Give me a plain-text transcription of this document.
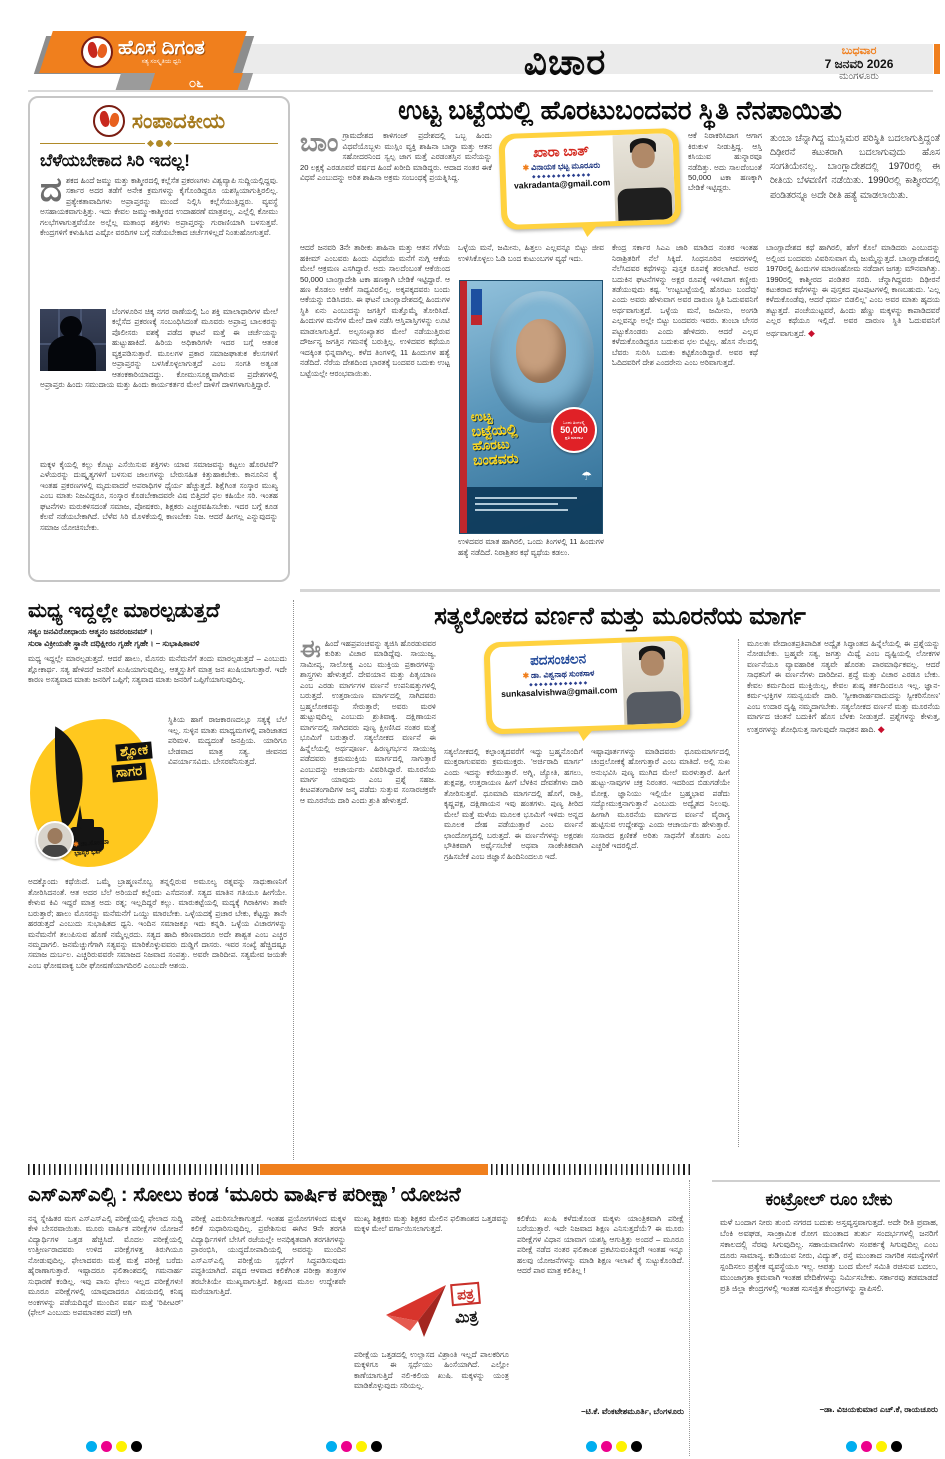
ವಿಚಾರ	ಬುಧವಾರ
7 ಜನವರಿ 2026
ಮಂಗಳೂರು
ಹೊಸ ದಿಗಂತ
ಸತ್ಯ ಸಂಸ್ಕೃತಿಯ ಧ್ವನಿ
೦೬
ಸಂಪಾದಕೀಯ
ಬೆಳೆಯಬೇಕಾದ ಸಿರಿ ಇದಲ್ಲ!
ದಶಕದ ಹಿಂದೆ ಜಮ್ಮು ಮತ್ತು ಕಾಶ್ಮೀರದಲ್ಲಿ ಕಲ್ಲೆಸೆತ ಪ್ರಕರಣಗಳು ವಿಶ್ವವ್ಯಾಪಿ ಸುದ್ದಿಯಲ್ಲಿದ್ದವು. ಸರ್ಕಾರ ಅದರ ತಡೆಗೆ ಅನೇಕ ಕ್ರಮಗಳನ್ನು ಕೈಗೊಂಡಿದ್ದರೂ ಯಶಸ್ವಿಯಾಗುತ್ತಿರಲಿಲ್ಲ. ಪ್ರತ್ಯೇಕತಾವಾದಿಗಳು ಅಪ್ರಾಪ್ತರನ್ನು ಮುಂದೆ ನಿಲ್ಲಿಸಿ ಕಲ್ಲೆಸೆಯುತ್ತಿದ್ದರು. ವ್ಯವಸ್ಥೆ ಅಸಹಾಯಕವಾಗುತ್ತಿತ್ತು. ಇದು ಕೇವಲ ಜಮ್ಮು-ಕಾಶ್ಮೀರದ ಉದಾಹರಣೆ ಮಾತ್ರವಲ್ಲ. ಎಲ್ಲೆಲ್ಲಿ ಕೋಮು ಗಲಭೆಗಳಾಗುತ್ತವೆಯೋ ಅಲ್ಲೆಲ್ಲ ಮತಾಂಧ ಶಕ್ತಿಗಳು ಅಪ್ರಾಪ್ತರನ್ನು ಗುರಾಣಿಯಾಗಿ ಬಳಸುತ್ತವೆ. ಕೇಂದ್ರಗಳಿಗೆ ಕಳುಹಿಸಿದ ಎಷ್ಟೋ ವರದಿಗಳ ಬಗ್ಗೆ ನಡೆಯಬೇಕಾದ ಚರ್ಚೆಗಳಿಲ್ಲದೆ ನಿಂತುಹೋಗುತ್ತವೆ.
ಬೆಂಗಳೂರಿನ ಚಿಕ್ಕ ನಗರ ಠಾಣೆಯಲ್ಲಿ ಓಂ ಶಕ್ತಿ ಮಾಲಾಧಾರಿಗಳ ಮೇಲೆ ಕಲ್ಲೆಸೆದ ಪ್ರಕರಣಕ್ಕೆ ಸಂಬಂಧಿಸಿದಂತೆ ಮೂವರು ಅಪ್ರಾಪ್ತ ಬಾಲಕರನ್ನು ಪೊಲೀಸರು ವಶಕ್ಕೆ ಪಡೆದ ಘಟನೆ ಮತ್ತೆ ಈ ಚರ್ಚೆಯನ್ನು ಹುಟ್ಟುಹಾಕಿದೆ. ಹಿರಿಯ ಅಧಿಕಾರಿಗಳೇ ಇದರ ಬಗ್ಗೆ ಆತಂಕ ವ್ಯಕ್ತಪಡಿಸುತ್ತಾರೆ. ಮೂಲಗಳ ಪ್ರಕಾರ ಸಮಾಜಘಾತುಕ ಕೆಲಸಗಳಿಗೆ ಅಪ್ರಾಪ್ತರನ್ನು ಬಳಸಿಕೊಳ್ಳಲಾಗುತ್ತದೆ ಎಂಬ ಸಂಗತಿ ಅತ್ಯಂತ ಆತಂಕಕಾರಿಯಾದದ್ದು. ಕೋಮುಸೂಕ್ಷ್ಮವಾಗಿರುವ ಪ್ರದೇಶಗಳಲ್ಲಿ ಅಪ್ರಾಪ್ತರು ಹಿಂದು ಸಮುದಾಯ ಮತ್ತು ಹಿಂದು ಕಾರ್ಯಕರ್ತರ ಮೇಲೆ ದಾಳಿಗೆ ದಾಳಗಳಾಗುತ್ತಿದ್ದಾರೆ.
ಮಕ್ಕಳ ಕೈಯಲ್ಲಿ ಕಲ್ಲು ಕೊಟ್ಟು ಎಸೆಯಿಸುವ ಶಕ್ತಿಗಳು ಯಾವ ಸಮಾಜವನ್ನು ಕಟ್ಟಲು ಹೊರಟಿವೆ? ಎಳೆಯರನ್ನು ದುಷ್ಕೃತ್ಯಗಳಿಗೆ ಬಳಸುವ ಜಾಲಗಳನ್ನು ಬೇರುಸಹಿತ ಕಿತ್ತುಹಾಕಬೇಕು. ಕಾನೂನಿನ ಕೈ ಇಂತಹ ಪ್ರಕರಣಗಳಲ್ಲಿ ಮೃದುವಾದರೆ ಅಪರಾಧಿಗಳ ಧೈರ್ಯ ಹೆಚ್ಚುತ್ತದೆ. ಶಿಕ್ಷೆಗಿಂತ ಸಂಸ್ಕಾರ ಮುಖ್ಯ ಎಂಬ ಮಾತು ನಿಜವಿದ್ದರೂ, ಸಂಸ್ಕಾರ ಕೊಡಬೇಕಾದವರೇ ವಿಷ ಬಿತ್ತಿದರೆ ಫಲ ಕಹಿಯೇ ಸರಿ. ಇಂತಹ ಘಟನೆಗಳು ಮರುಕಳಿಸದಂತೆ ಸಮಾಜ, ಪೋಷಕರು, ಶಿಕ್ಷಕರು ಎಚ್ಚರವಹಿಸಬೇಕು. ಇದರ ಬಗ್ಗೆ ಕೂಡ ಕೆಲವೆ ನಡೆಯಬೇಕಾಗಿದೆ. ಬೆಳೆವ ಸಿರಿ ಮೊಳಕೆಯಲ್ಲಿ ಕಾಣಬೇಕು ನಿಜ. ಆದರೆ ಹೀಗಲ್ಲ ಎನ್ನುವುದನ್ನು ಸಮಾಜ ಯೋಚಿಸಬೇಕು.
ಉಟ್ಟ ಬಟ್ಟೆಯಲ್ಲಿ ಹೊರಟುಬಂದವರ ಸ್ಥಿತಿ ನೆನಪಾಯಿತು
ಬಾಂಗ್ರಾಮದೇಶದ ಕಾಳಿಗಂಜ್ ಪ್ರದೇಶದಲ್ಲಿ ಒಬ್ಬ ಹಿಂದು ವಿಧವೆಯೊಬ್ಬಳು ಮುಸ್ಲಿಂ ವ್ಯಕ್ತಿ ಶಾಹಿನಾ ಬಾಗ್ದಾ ಮತ್ತು ಆತನ ಸಹೋದರನಿಂದ ಸ್ವಲ್ಪ ಜಾಗ ಮತ್ತೆ ಎರಡಂತಸ್ತಿನ ಮನೆಯನ್ನು 20 ಲಕ್ಷಕ್ಕೆ ಎರಡೂವರೆ ವರ್ಷದ ಹಿಂದೆ ಖರೀದಿ ಮಾಡಿದ್ದರು. ಆದಾದ ನಂತರ ಈಕೆ ವಿಧವೆ ಎಂಬುದನ್ನು ಅರಿತ ಶಾಹಿನಾ ಅಕ್ರಮ ಸಂಬಂಧಕ್ಕೆ ಪ್ರಯತ್ನಿಸಿದ್ದ.
ಖಾರಾ ಬಾತ್
✱ ವಿನಾಯಕ ಭಟ್ಟ ಮೂರೂರು
◆◆◆◆◆◆◆◆◆◆◆◆
vakradanta@gmail.com
ಆಕೆ ನಿರಾಕರಿಸಿದಾಗ ಆಗಾಗ ಕಿರುಕುಳ ನೀಡುತ್ತಿದ್ದ. ಆಸ್ತಿ ಕಸಿಯುವ ಹುನ್ನಾರವೂ ನಡೆದಿತ್ತು. ಅದು ಸಾಲದೆಂಬಂತೆ 50,000 ಟಕಾ ಹಣಕ್ಕಾಗಿ ಬೇಡಿಕೆ ಇಟ್ಟಿದ್ದರು.
ತುಂಬಾ ಚೆನ್ನಾಗಿದ್ದ ಮುಸ್ಲಿಮರ ಪರಿಸ್ಥಿತಿ ಬದಲಾಗುತ್ತಿದ್ದಂತೆ ದಿಢೀರನೆ ಕಟುಕರಾಗಿ ಬದಲಾಗುವುದು ಹೊಸ ಸಂಗತಿಯೇನಲ್ಲ. ಬಾಂಗ್ಲಾದೇಶದಲ್ಲಿ 1970ರಲ್ಲಿ ಈ ರೀತಿಯ ಬೆಳವಣಿಗೆ ನಡೆಯಿತು. 1990ರಲ್ಲಿ ಕಾಶ್ಮೀರದಲ್ಲಿ ಪಂಡಿತರನ್ನೂ ಅದೇ ರೀತಿ ಹತ್ಯೆ ಮಾಡಲಾಯಿತು.
ಆದರೆ ಜನವರಿ 3ನೇ ತಾರೀಕು ಶಾಹಿನಾ ಮತ್ತು ಆತನ ಗೆಳೆಯ ಹಕೀಮ್ ಎಂಬವರು ಹಿಂದು ವಿಧವೆಯ ಮನೆಗೆ ನುಗ್ಗಿ ಆಕೆಯ ಮೇಲೆ ಆಕ್ರಮಣ ಎಸಗಿದ್ದಾರೆ. ಅದು ಸಾಲದೆಂಬಂತೆ ಆಕೆಯಿಂದ 50,000 ಬಾಂಗ್ಲಾದೇಶಿ ಟಕಾ ಹಣಕ್ಕಾಗಿ ಬೇಡಿಕೆ ಇಟ್ಟಿದ್ದಾರೆ. ಆ ಹಣ ಕೊಡಲು ಆಕೆಗೆ ಸಾಧ್ಯವಿರಲಿಲ್ಲ. ಅಕ್ಕಪಕ್ಕದವರು ಬಂದು ಆಕೆಯನ್ನು ಬಿಡಿಸಿದರು. ಈ ಘಟನೆ ಬಾಂಗ್ಲಾದೇಶದಲ್ಲಿ ಹಿಂದುಗಳ ಸ್ಥಿತಿ ಏನು ಎಂಬುದನ್ನು ಜಗತ್ತಿಗೆ ಮತ್ತೊಮ್ಮೆ ತೋರಿಸಿದೆ. ಹಿಂದುಗಳ ಮನೆಗಳ ಮೇಲೆ ದಾಳಿ ನಡೆಸಿ ಆಸ್ತಿಪಾಸ್ತಿಗಳನ್ನು ಲೂಟಿ ಮಾಡಲಾಗುತ್ತಿದೆ. ಅಲ್ಪಸಂಖ್ಯಾತರ ಮೇಲೆ ನಡೆಯುತ್ತಿರುವ ದೌರ್ಜನ್ಯ ಜಗತ್ತಿನ ಗಮನಕ್ಕೆ ಬರುತ್ತಿಲ್ಲ. ಉಳಿದವರ ಕಥೆಯೂ ಇದಕ್ಕಿಂತ ಭಿನ್ನವಾಗಿಲ್ಲ. ಕಳೆದ ತಿಂಗಳಲ್ಲಿ 11 ಹಿಂದುಗಳ ಹತ್ಯೆ ನಡೆದಿದೆ. ನೆರೆಯ ದೇಶದಿಂದ ಭಾರತಕ್ಕೆ ಬಂದವರ ಬದುಕು ಉಟ್ಟ ಬಟ್ಟೆಯಲ್ಲೇ ಆರಂಭವಾಯಿತು.
ಒಳ್ಳೆಯ ಮನೆ, ಜಮೀನು, ಹಿತ್ತಲು ಎಲ್ಲವನ್ನೂ ಬಿಟ್ಟು ಜೀವ ಉಳಿಸಿಕೊಳ್ಳಲು ಓಡಿ ಬಂದ ಕುಟುಂಬಗಳ ವ್ಯಥೆ ಇದು.
ಒಂದು ತಿಂಗಳಲ್ಲಿ
50,000
ಪ್ರತಿ ಮಾರಾಟ
ಉಟ್ಟ
ಬಟ್ಟೆಯಲ್ಲಿ
ಹೊರಟು
ಬಂಡವರು
☂
ಉಳಿದವರ ಮಾತ ಹಾಗಿರಲಿ, ಒಂದು ತಿಂಗಳಲ್ಲಿ 11 ಹಿಂದುಗಳ ಹತ್ಯೆ ನಡೆದಿದೆ. ನಿರಾಶ್ರಿತರ ಕಥೆ ವ್ಯಥೆಯ ಕಡಲು.
ಕೇಂದ್ರ ಸರ್ಕಾರ ಸಿಎಎ ಜಾರಿ ಮಾಡಿದ ನಂತರ ಇಂತಹ ನಿರಾಶ್ರಿತರಿಗೆ ನೆಲೆ ಸಿಕ್ಕಿದೆ. ಸಿಂಧನೂರಿನ ಆವರಗಳಲ್ಲಿ ನೆಲೆಸಿದವರ ಕಥೆಗಳನ್ನು ಪುಸ್ತಕ ರೂಪಕ್ಕೆ ತರಲಾಗಿದೆ. ಅವರ ಬದುಕಿನ ಘಟನೆಗಳನ್ನು ಅಕ್ಷರ ರೂಪಕ್ಕೆ ಇಳಿಸಿದಾಗ ಕಣ್ಣೀರು ತಡೆಯುವುದು ಕಷ್ಟ. 'ಉಟ್ಟಬಟ್ಟೆಯಲ್ಲಿ ಹೊರಟು ಬಂದೆವು' ಎಂದು ಅವರು ಹೇಳುವಾಗ ಅವರ ದಾರುಣ ಸ್ಥಿತಿ ಓದುವವನಿಗೆ ಅರ್ಥವಾಗುತ್ತದೆ. ಒಳ್ಳೆಯ ಮನೆ, ಜಮೀನು, ಅಂಗಡಿ ಎಲ್ಲವನ್ನೂ ಅಲ್ಲೇ ಬಿಟ್ಟು ಬಂದವರು ಇವರು. ತುಂಬಾ ಬೇಸರ ಪಟ್ಟುಕೊಂಡರು ಎಂದು ಹೇಳಿದರು. ಆದರೆ ಎಲ್ಲವ ಕಳೆದುಕೊಂಡಿದ್ದರೂ ಬದುಕುವ ಛಲ ಬಿಟ್ಟಿಲ್ಲ. ಹೊಸ ನೆಲದಲ್ಲಿ ಬೆವರು ಸುರಿಸಿ ಬದುಕು ಕಟ್ಟಿಕೊಂಡಿದ್ದಾರೆ. ಅವರ ಕಥೆ ಓದಿದವರಿಗೆ ದೇಶ ಎಂದರೇನು ಎಂಬ ಅರಿವಾಗುತ್ತದೆ.
ಬಾಂಗ್ಲಾದೇಶದ ಕಥೆ ಹಾಗಿರಲಿ, ಹೇಗೆ ಕೊಲೆ ಮಾಡಿದರು ಎಂಬುದನ್ನು ಅಲ್ಲಿಂದ ಬಂದವರು ವಿವರಿಸುವಾಗ ಮೈ ಜುಮ್ಮೆನ್ನುತ್ತದೆ. ಬಾಂಗ್ಲಾದೇಶದಲ್ಲಿ 1970ರಲ್ಲಿ ಹಿಂದುಗಳ ಮಾರಣಹೋಮ ನಡೆದಾಗ ಜಗತ್ತು ಮೌನವಾಗಿತ್ತು. 1990ರಲ್ಲಿ ಕಾಶ್ಮೀರದ ಪಂಡಿತರ ಸರದಿ. ಚೆನ್ನಾಗಿದ್ದವರು ದಿಢೀರನೆ ಕಟುಕರಾದ ಕಥೆಗಳನ್ನು ಈ ಪುಸ್ತಕದ ಪುಟಪುಟಗಳಲ್ಲಿ ಕಾಣಬಹುದು. 'ಎಲ್ಲ ಕಳೆದುಕೊಂಡೆವು, ಆದರೆ ಧರ್ಮ ಬಿಡಲಿಲ್ಲ' ಎಂಬ ಅವರ ಮಾತು ಹೃದಯ ತಟ್ಟುತ್ತದೆ. ಪಂಚೆಯುಟ್ಟವರೆ, ಹಿಂದು ಹೆಣ್ಣು ಮಕ್ಕಳನ್ನು ಕಾಪಾಡಿದವರೆ ಎಲ್ಲರ ಕಥೆಯೂ ಇಲ್ಲಿದೆ. ಅವರ ದಾರುಣ ಸ್ಥಿತಿ ಓದುವವನಿಗೆ ಅರ್ಥವಾಗುತ್ತದೆ. ◆
ಮಧ್ಯ ಇದ್ದಲ್ಲೇ ಮಾರಲ್ಪಡುತ್ತದೆ
ಸತ್ಯಂ ಜನವಿರೋಧಾಯ ಆತ್ಮನಂ ಜನರಂಜನಮ್ ।
ಸುರಾ ವಿಕ್ರೀಯತೇ ಸ್ಥಾನೇ ದಧಿಕ್ಷೀರಂ ಗೃಹೇ ಗೃಹೇ । – ಸುಭಾಷಿತಾವಳಿ
ಮಧ್ಯ ಇದ್ದಲ್ಲೇ ಮಾರಲ್ಪಡುತ್ತದೆ. ಆದರೆ ಹಾಲು, ಮೊಸರು ಮನೆಮನೆಗೆ ತಂದು ಮಾರಲ್ಪಡುತ್ತದೆ – ಎಂಬುದು ಶ್ಲೋಕಾರ್ಥ. ಸತ್ಯ ಹೇಳಿದರೆ ಜನರಿಗೆ ಖುಷಿಯಾಗುವುದಿಲ್ಲ. ಆತ್ಮಸ್ತುತಿಗೆ ಮಾತ್ರ ಜನ ಖುಷಿಯಾಗುತ್ತಾರೆ. ಇದೇ ಕಾರಣ ಅಸತ್ಯವಾದ ಮಾತು ಜನರಿಗೆ ಒಪ್ಪಿಗೆ; ಸತ್ಯವಾದ ಮಾತು ಜನರಿಗೆ ಒಪ್ಪಿಗೆಯಾಗುವುದಿಲ್ಲ.
ಶ್ಲೋಕ
ಸಾಗರ
✱ ಡಾ.ಸೋಂದಾ
ಭಾಸ್ಕರ ಭಟ್
ಸ್ಥಿತಿಯ ಹಾಗೆ ರಾಜಕಾರಣದಲ್ಲೂ ಸತ್ಯಕ್ಕೆ ಬೆಲೆ ಇಲ್ಲ. ಸುಳ್ಳಿನ ಮಾತು ಮಾಧ್ಯಮಗಳಲ್ಲಿ ಪಾರಿಜಾತದ ಪರಿಮಳ. ಮದ್ಯದಂತೆ ಜನಪ್ರಿಯ. ಯಾರಿಗೂ ಬೇಡವಾದ ಮಾತ್ರ ಸತ್ಯ. ಜೀವನದ ವಿಪರ್ಯಾಸವಿದು. ಬೇಸರವೆನಿಸುತ್ತದೆ.
ಅದಕ್ಕೊಂದು ಕಥೆಯಿದೆ. ಒಮ್ಮೆ ಬ್ರಾಹ್ಮಣನೊಬ್ಬ ತನ್ನಲ್ಲಿರುವ ಅಮೂಲ್ಯ ರತ್ನವನ್ನು ಸಾಧುಕಾಣನಿಗೆ ತೋರಿಸಿದನಂತೆ. ಆತ ಅದರ ಬೆಲೆ ಅರಿಯದೆ ಕಲ್ಲೆಂದು ಎಸೆದನಂತೆ. ಸತ್ಯದ ಮಾತಿನ ಗತಿಯೂ ಹೀಗೆಯೇ. ಕೇಳುವ ಕಿವಿ ಇದ್ದರೆ ಮಾತ್ರ ಅದು ರತ್ನ; ಇಲ್ಲದಿದ್ದರೆ ಕಲ್ಲು. ಮಾರುಕಟ್ಟೆಯಲ್ಲಿ ಮದ್ಯಕ್ಕೆ ಗಿರಾಕಿಗಳು ತಾವೇ ಬರುತ್ತಾರೆ; ಹಾಲು ಮೊಸರನ್ನು ಮನೆಮನೆಗೆ ಒಯ್ದು ಮಾರಬೇಕು. ಒಳ್ಳೆಯದಕ್ಕೆ ಪ್ರಚಾರ ಬೇಕು, ಕೆಟ್ಟದ್ದು ತಾನೇ ಹರಡುತ್ತದೆ ಎಂಬುದು ಸುಭಾಷಿತದ ಧ್ವನಿ. ಇಂದಿನ ಸಮಾಜಕ್ಕೂ ಇದು ಕನ್ನಡಿ. ಒಳ್ಳೆಯ ವಿಚಾರಗಳನ್ನು ಮನೆಮನೆಗೆ ತಲುಪಿಸುವ ಹೊಣೆ ನಮ್ಮೆಲ್ಲರದು. ಸತ್ಯದ ಹಾದಿ ಕಠಿಣವಾದರೂ ಅದೇ ಶಾಶ್ವತ ಎಂಬ ಎಚ್ಚರ ನಮ್ಮದಾಗಲಿ. ಜನಮೆಚ್ಚುಗೆಗಾಗಿ ಸತ್ಯವನ್ನು ಮಾರಿಕೊಳ್ಳುವವರು ದುಡ್ಡಿಗೆ ದಾಸರು. ಇವರ ಸಂಖ್ಯೆ ಹೆಚ್ಚಿದಷ್ಟೂ ಸಮಾಜ ದುರ್ಬಲ. ಎಚ್ಚರಿರುವವರೇ ಸಮಾಜದ ನಿಜವಾದ ಸಂಪತ್ತು. ಅವರೇ ದಾರಿದೀಪ. ಸತ್ಯಮೇವ ಜಯತೇ ಎಂಬ ಘೋಷವಾಕ್ಯ ಬರೀ ಘೋಷಣೆಯಾಗದಿರಲಿ ಎಂಬುದೇ ಆಶಯ.
ಸತ್ಯಲೋಕದ ವರ್ಣನೆ ಮತ್ತು ಮೂರನೆಯ ಮಾರ್ಗ
ಈಹಿಂದೆ ಇಹಪ್ರಪಂಚವನ್ನು ತ್ಯಜಿಸಿ ಹೊರಡುವವರ ಕುರಿತು ವಿಚಾರ ಮಾಡಿದ್ದೆವು. ಸಾಯುಜ್ಯ, ಸಾಮೀಪ್ಯ, ಸಾಲೋಕ್ಯ ಎಂಬ ಮುಕ್ತಿಯ ಪ್ರಕಾರಗಳನ್ನು ಶಾಸ್ತ್ರಗಳು ಹೇಳುತ್ತವೆ. ದೇವಯಾನ ಮತ್ತು ಪಿತೃಯಾಣ ಎಂಬ ಎರಡು ಮಾರ್ಗಗಳ ವರ್ಣನೆ ಉಪನಿಷತ್ತುಗಳಲ್ಲಿ ಬರುತ್ತದೆ. ಉತ್ತರಾಯಣ ಮಾರ್ಗದಲ್ಲಿ ಸಾಗಿದವರು ಬ್ರಹ್ಮಲೋಕವನ್ನು ಸೇರುತ್ತಾರೆ; ಅವರು ಮರಳಿ ಹುಟ್ಟುವುದಿಲ್ಲ ಎಂಬುದು ಶ್ರುತಿವಾಕ್ಯ. ದಕ್ಷಿಣಾಯನ ಮಾರ್ಗದಲ್ಲಿ ಸಾಗಿದವರು ಪುಣ್ಯ ಕ್ಷೀಣಿಸಿದ ನಂತರ ಮತ್ತೆ ಭೂಮಿಗೆ ಬರುತ್ತಾರೆ. ಸತ್ಯಲೋಕದ ವರ್ಣನೆ ಈ ಹಿನ್ನೆಲೆಯಲ್ಲಿ ಅರ್ಥಪೂರ್ಣ. ಹಿರಣ್ಯಗರ್ಭನ ಸಾಯುಜ್ಯ ಪಡೆದವರು ಕ್ರಮಮುಕ್ತಿಯ ಮಾರ್ಗದಲ್ಲಿ ಸಾಗುತ್ತಾರೆ ಎಂಬುದನ್ನು ಆಚಾರ್ಯರು ವಿವರಿಸಿದ್ದಾರೆ. ಮೂರನೆಯ ಮಾರ್ಗ ಯಾವುದು ಎಂಬ ಪ್ರಶ್ನೆ ಸಹಜ. ಕೀಟಪತಂಗಾದಿಗಳ ಜನ್ಮ ಪಡೆದು ಸುತ್ತುವ ಸಂಸಾರಚಕ್ರವೇ ಆ ಮೂರನೆಯ ದಾರಿ ಎಂದು ಶ್ರುತಿ ಹೇಳುತ್ತದೆ.
ಪದಸಂಚಲನ
✱ ಡಾ. ವಿಶ್ವನಾಥ ಸುಂಕಸಾಳ
◆◆◆◆◆◆◆◆◆◆◆◆
sunkasalvishwa@gmail.com
ಸತ್ಯಲೋಕದಲ್ಲಿ ಕಲ್ಪಾಂತ್ಯದವರೆಗೆ ಇದ್ದು ಬ್ರಹ್ಮನೊಂದಿಗೆ ಮುಕ್ತರಾಗುವವರು ಕ್ರಮಮುಕ್ತರು. 'ಅರ್ಚಿರಾದಿ ಮಾರ್ಗ' ಎಂದು ಇದನ್ನು ಕರೆಯುತ್ತಾರೆ. ಅಗ್ನಿ, ಜ್ಯೋತಿ, ಹಗಲು, ಶುಕ್ಲಪಕ್ಷ, ಉತ್ತರಾಯಣ ಹೀಗೆ ಬೆಳಕಿನ ದೇವತೆಗಳು ದಾರಿ ತೋರಿಸುತ್ತವೆ. ಧೂಮಾದಿ ಮಾರ್ಗದಲ್ಲಿ ಹೊಗೆ, ರಾತ್ರಿ, ಕೃಷ್ಣಪಕ್ಷ, ದಕ್ಷಿಣಾಯನ ಇವು ಹಂತಗಳು. ಪುಣ್ಯ ತೀರಿದ ಮೇಲೆ ಮತ್ತೆ ಮಳೆಯ ಮೂಲಕ ಭೂಮಿಗೆ ಇಳಿದು ಅನ್ನದ ಮೂಲಕ ದೇಹ ಪಡೆಯುತ್ತಾರೆ ಎಂಬ ವರ್ಣನೆ ಛಾಂದೋಗ್ಯದಲ್ಲಿ ಬರುತ್ತದೆ. ಈ ವರ್ಣನೆಗಳನ್ನು ಅಕ್ಷರಶಃ ಭೌತಿಕವಾಗಿ ಅರ್ಥೈಸಬೇಕೆ ಅಥವಾ ಸಾಂಕೇತಿಕವಾಗಿ ಗ್ರಹಿಸಬೇಕೆ ಎಂಬ ಜಿಜ್ಞಾಸೆ ಹಿಂದಿನಿಂದಲೂ ಇದೆ.
ಇಷ್ಟಾಪೂರ್ತಗಳನ್ನು ಮಾಡಿದವರು ಧೂಮಮಾರ್ಗದಲ್ಲಿ ಚಂದ್ರಲೋಕಕ್ಕೆ ಹೋಗುತ್ತಾರೆ ಎಂಬ ಮಾತಿದೆ. ಅಲ್ಲಿ ಸುಖ ಅನುಭವಿಸಿ ಪುಣ್ಯ ಮುಗಿದ ಮೇಲೆ ಮರಳುತ್ತಾರೆ. ಹೀಗೆ ಹುಟ್ಟು-ಸಾವುಗಳ ಚಕ್ರ ನಿರಂತರ. ಇದರಿಂದ ಬಿಡುಗಡೆಯೇ ಮೋಕ್ಷ. ಜ್ಞಾನಿಯು ಇಲ್ಲಿಯೇ ಬ್ರಹ್ಮಭಾವ ಪಡೆದು ಸದ್ಯೋಮುಕ್ತನಾಗುತ್ತಾನೆ ಎಂಬುದು ಅದ್ವೈತದ ನಿಲುವು. ಹೀಗಾಗಿ ಮೂರನೆಯ ಮಾರ್ಗದ ವರ್ಣನೆ ವೈರಾಗ್ಯ ಹುಟ್ಟಿಸುವ ಉದ್ದೇಶದ್ದು ಎಂದು ಆಚಾರ್ಯರು ಹೇಳುತ್ತಾರೆ. ಸಂಸಾರದ ಕ್ಷಣಿಕತೆ ಅರಿತು ಸಾಧನೆಗೆ ತೊಡಗು ಎಂಬ ಎಚ್ಚರಿಕೆ ಇದರಲ್ಲಿದೆ.
ಮೂಲತಃ ವೇದಾಂತಪ್ರತಿಪಾದಿತ ಅದ್ವೈತ ಸಿದ್ಧಾಂತದ ಹಿನ್ನೆಲೆಯಲ್ಲಿ ಈ ಪ್ರಶ್ನೆಯನ್ನು ನೋಡಬೇಕು. ಬ್ರಹ್ಮವೇ ಸತ್ಯ, ಜಗತ್ತು ಮಿಥ್ಯೆ ಎಂಬ ದೃಷ್ಟಿಯಲ್ಲಿ ಲೋಕಗಳ ವರ್ಣನೆಯೂ ವ್ಯಾವಹಾರಿಕ ಸತ್ಯವೇ ಹೊರತು ಪಾರಮಾರ್ಥಿಕವಲ್ಲ. ಆದರೆ ಸಾಧಕನಿಗೆ ಈ ವರ್ಣನೆಗಳು ದಾರಿದೀಪ. ಶ್ರದ್ಧೆ ಮತ್ತು ವಿಚಾರ ಎರಡೂ ಬೇಕು. ಕೇವಲ ಕರ್ಮದಿಂದ ಮುಕ್ತಿಯಿಲ್ಲ, ಕೇವಲ ಶುಷ್ಕ ತರ್ಕದಿಂದಲೂ ಇಲ್ಲ. ಜ್ಞಾನ-ಕರ್ಮ-ಭಕ್ತಿಗಳ ಸಮನ್ವಯವೇ ದಾರಿ. 'ಸ್ವೀಕಾರಾರ್ಹವಾದುದನ್ನು ಸ್ವೀಕರಿಸೋಣ' ಎಂಬ ಉದಾರ ದೃಷ್ಟಿ ನಮ್ಮದಾಗಬೇಕು. ಸತ್ಯಲೋಕದ ವರ್ಣನೆ ಮತ್ತು ಮೂರನೆಯ ಮಾರ್ಗದ ಚಿಂತನೆ ಬದುಕಿಗೆ ಹೊಸ ಬೆಳಕು ನೀಡುತ್ತದೆ. ಪ್ರಶ್ನೆಗಳನ್ನು ಕೇಳುತ್ತ, ಉತ್ತರಗಳನ್ನು ಶೋಧಿಸುತ್ತ ಸಾಗುವುದೇ ಸಾಧಕನ ಹಾದಿ. ◆
ಎಸ್ಎಸ್ಎಲ್ಸಿ : ಸೋಲು ಕಂಡ ‘ಮೂರು ವಾರ್ಷಿಕ ಪರೀಕ್ಷಾ’ ಯೋಜನೆ
ನನ್ನ ಸ್ನೇಹಿತರ ಮಗ ಎಸ್ಎಸ್ಎಲ್ಸಿ ಪರೀಕ್ಷೆಯಲ್ಲಿ ಫೇಲಾದ ಸುದ್ದಿ ಕೇಳಿ ಬೇಸರವಾಯಿತು. ಮೂರು ವಾರ್ಷಿಕ ಪರೀಕ್ಷೆಗಳ ಯೋಜನೆ ವಿದ್ಯಾರ್ಥಿಗಳ ಒತ್ತಡ ಹೆಚ್ಚಿಸಿದೆ. ಮೊದಲ ಪರೀಕ್ಷೆಯಲ್ಲಿ ಉತ್ತೀರ್ಣರಾದವರು ಉಳಿದ ಪರೀಕ್ಷೆಗಳತ್ತ ತಿರುಗಿಯೂ ನೋಡುವುದಿಲ್ಲ. ಫೇಲಾದವರು ಮತ್ತೆ ಮತ್ತೆ ಪರೀಕ್ಷೆ ಬರೆದು ಹೈರಾಣಾಗುತ್ತಾರೆ. ಇಷ್ಟಾದರೂ ಫಲಿತಾಂಶದಲ್ಲಿ ಗಮನಾರ್ಹ ಸುಧಾರಣೆ ಕಂಡಿಲ್ಲ. ಇವು ಪಾಸು ಫೇಲು ಇಲ್ಲದ ಪರೀಕ್ಷೆಗಳು! ಮೂರೂ ಪರೀಕ್ಷೆಗಳಲ್ಲಿ ಯಾವುದಾದರೂ ವಿಷಯದಲ್ಲಿ ಕನಿಷ್ಠ ಅಂಕಗಳನ್ನು ಪಡೆಯದಿದ್ದರೆ ಮುಂದಿನ ವರ್ಷ ಮತ್ತೆ ‘ರಿಪೀಟರ್’ (ಫೇಲ್ ಎಂಬುದು ಅಪಮಾನಕರ ಪದ!) ಆಗಿ
ಪರೀಕ್ಷೆ ಎದುರಿಸಬೇಕಾಗುತ್ತದೆ. ಇಂತಹ ಪ್ರಯೋಗಗಳಿಂದ ಮಕ್ಕಳ ಕಲಿಕೆ ಸುಧಾರಿಸುವುದಿಲ್ಲ. ಪ್ರವೇಶಿಸುವ ಈಗಿನ 9ನೇ ತರಗತಿ ವಿದ್ಯಾರ್ಥಿಗಳಿಗೆ ಬೇಸಿಗೆ ರಜೆಯಲ್ಲೇ ಅನಧಿಕೃತವಾಗಿ ತರಗತಿಗಳನ್ನು ಪ್ರಾರಂಭಿಸಿ, ಯುದ್ಧದೋಪಾದಿಯಲ್ಲಿ ಅವರನ್ನು ಮುಂದಿನ ಎಸ್ಎಸ್ಎಲ್ಸಿ ಪರೀಕ್ಷೆಯ ಸ್ಪರ್ಧೆಗೆ ಸಿದ್ಧಪಡಿಸುವುದು ಪದ್ಧತಿಯಾಗಿದೆ. ಪಠ್ಯದ ಆಳವಾದ ಕಲಿಕೆಗಿಂತ ಪರೀಕ್ಷಾ ತಂತ್ರಗಳ ತರಬೇತಿಯೇ ಮುಖ್ಯವಾಗುತ್ತಿದೆ. ಶಿಕ್ಷಣದ ಮೂಲ ಉದ್ದೇಶವೇ ಮರೆಯಾಗುತ್ತಿದೆ.
ಮುಖ್ಯ ಶಿಕ್ಷಕರು ಮತ್ತು ಶಿಕ್ಷಕರ ಮೇಲಿನ ಫಲಿತಾಂಶದ ಒತ್ತಡವನ್ನು ಮಕ್ಕಳ ಮೇಲೆ ವರ್ಗಾಯಿಸಲಾಗುತ್ತದೆ.
ಪತ್ರ
ಮಿತ್ರ
ಪರೀಕ್ಷೆಯ ಒತ್ತಡದಲ್ಲಿ ಉಲ್ಲಾಸದ ವಿಶ್ರಾಂತಿ ಇಲ್ಲದೆ ಪಾಲಕರಿಗೂ ಮಕ್ಕಳಿಗೂ ಈ ಸ್ಪರ್ಧೆಯು ಹಿಂಸೆಯಾಗಿದೆ. ಎಲ್ಲೋ ಕಾಣೆಯಾಗುತ್ತಿದೆ ನಲಿ-ಕಲಿಯ ಖುಷಿ. ಮಕ್ಕಳನ್ನು ಯಂತ್ರ ಮಾಡಿಕೊಳ್ಳುವುದು ಸರಿಯಲ್ಲ.
ಕಲಿಕೆಯ ಖುಷಿ ಕಳೆದುಕೊಂಡ ಮಕ್ಕಳು ಯಾಂತ್ರಿಕವಾಗಿ ಪರೀಕ್ಷೆ ಬರೆಯುತ್ತಾರೆ. ಇದೇ ನಿಜವಾದ ಶಿಕ್ಷಣ ಎನಿಸುತ್ತದೆಯೆ? ಈ ಮೂರು ಪರೀಕ್ಷೆಗಳ ವಿಧಾನ ಯಾವಾಗ ಯಶಸ್ವಿ ಆಗುತ್ತಿತ್ತು ಅಂದರೆ – ಮೂರೂ ಪರೀಕ್ಷೆ ನಡೆದ ನಂತರ ಫಲಿತಾಂಶ ಪ್ರಕಟಿಸುವಂತಿದ್ದರೆ! ಇಂತಹ ಇನ್ನೂ ಹಲವು ಯೋಜನೆಗಳನ್ನು ಮಾಡಿ ಶಿಕ್ಷಣ ಇಲಾಖೆ ಕೈ ಸುಟ್ಟುಕೊಂಡಿದೆ. ಆದರೆ ಪಾಠ ಮಾತ್ರ ಕಲಿತಿಲ್ಲ !
–ಟಿ.ಕೆ. ವೆಂಕಟೇಶಮೂರ್ತಿ, ಬೆಂಗಳೂರು
ಕಂಟ್ರೋಲ್ ರೂಂ ಬೇಕು
ಮಳೆ ಬಂದಾಗ ನೀರು ತುಂಬಿ ನಗರದ ಬದುಕು ಅಸ್ತವ್ಯಸ್ತವಾಗುತ್ತದೆ. ಅದೇ ರೀತಿ ಪ್ರವಾಹ, ಬೆಂಕಿ ಅವಘಡ, ಸಾಂಕ್ರಾಮಿಕ ರೋಗ ಮುಂತಾದ ತುರ್ತು ಸಂದರ್ಭಗಳಲ್ಲಿ ಜನರಿಗೆ ಸಕಾಲದಲ್ಲಿ ನೆರವು ಸಿಗುವುದಿಲ್ಲ. ಸಹಾಯವಾಣಿಗಳು ಸಂಪರ್ಕಕ್ಕೆ ಸಿಗುವುದಿಲ್ಲ ಎಂಬ ದೂರು ಸಾಮಾನ್ಯ. ಕುಡಿಯುವ ನೀರು, ವಿದ್ಯುತ್, ರಸ್ತೆ ಮುಂತಾದ ನಾಗರಿಕ ಸಮಸ್ಯೆಗಳಿಗೆ ಸ್ಪಂದಿಸಲು ಪ್ರತ್ಯೇಕ ವ್ಯವಸ್ಥೆಯೂ ಇಲ್ಲ. ಆಪತ್ತು ಬಂದ ಮೇಲೆ ಸಮಿತಿ ರಚಿಸುವ ಬದಲು, ಮುಂಜಾಗ್ರತಾ ಕ್ರಮವಾಗಿ ಇಂತಹ ವೇದಿಕೆಗಳನ್ನು ನಿರ್ಮಿಸಬೇಕು. ಸರ್ಕಾರವು ತಡಮಾಡದೆ ಪ್ರತಿ ಜಿಲ್ಲಾ ಕೇಂದ್ರಗಳಲ್ಲಿ ಇಂತಹ ಸುಸಜ್ಜಿತ ಕೇಂದ್ರಗಳನ್ನು ಸ್ಥಾಪಿಸಲಿ.
–ಡಾ. ವಿಜಯಕುಮಾರ ಎಚ್.ಕೆ, ರಾಯಚೂರು
